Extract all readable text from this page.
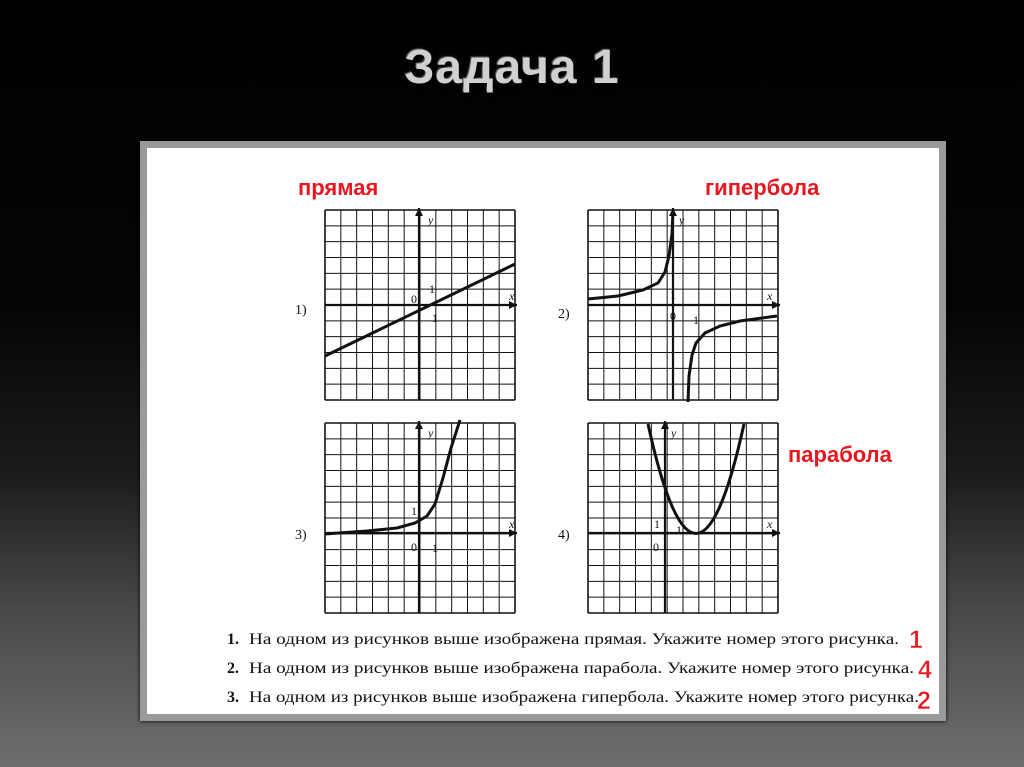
Задача 1
прямая	гипербола
парабола
1)
x
y
0
1
1
2)
x
y
0 1
1
3)
x
y
0 1
1
4)
x
y
0
1
1
1. На одном из рисунков выше изображена прямая. Укажите номер этого рисунка. 1
2. На одном из рисунков выше изображена парабола. Укажите номер этого рисунка. 4
3. На одном из рисунков выше изображена гипербола. Укажите номер этого рисунка.
2
